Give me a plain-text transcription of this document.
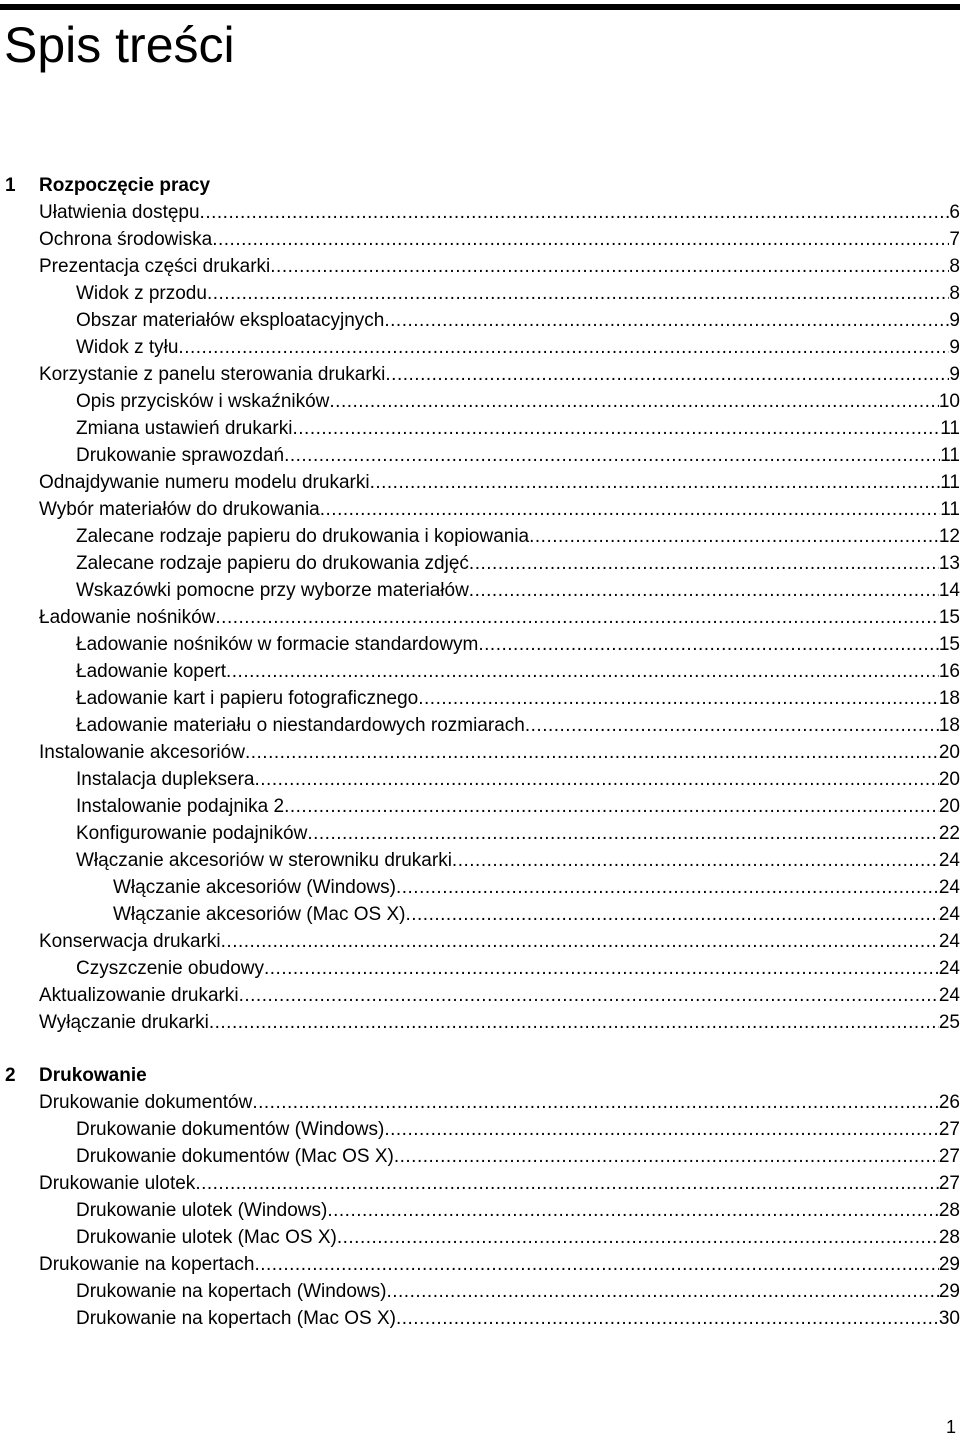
Spis treści
1 Rozpoczęcie pracy
Ułatwienia dostępu .....	6
Ochrona środowiska .....	7
Prezentacja części drukarki .....	8
Widok z przodu .....	8
Obszar materiałów eksploatacyjnych .....	9
Widok z tyłu .....	9
Korzystanie z panelu sterowania drukarki .....	9
Opis przycisków i wskaźników .....	10
Zmiana ustawień drukarki .....	11
Drukowanie sprawozdań .....	11
Odnajdywanie numeru modelu drukarki .....	11
Wybór materiałów do drukowania .....	11
Zalecane rodzaje papieru do drukowania i kopiowania .....	12
Zalecane rodzaje papieru do drukowania zdjęć .....	13
Wskazówki pomocne przy wyborze materiałów .....	14
Ładowanie nośników .....	15
Ładowanie nośników w formacie standardowym .....	15
Ładowanie kopert .....	16
Ładowanie kart i papieru fotograficznego .....	18
Ładowanie materiału o niestandardowych rozmiarach .....	18
Instalowanie akcesoriów .....	20
Instalacja dupleksera .....	20
Instalowanie podajnika 2 .....	20
Konfigurowanie podajników .....	22
Włączanie akcesoriów w sterowniku drukarki .....	24
Włączanie akcesoriów (Windows) .....	24
Włączanie akcesoriów (Mac OS X) .....	24
Konserwacja drukarki .....	24
Czyszczenie obudowy .....	24
Aktualizowanie drukarki .....	24
Wyłączanie drukarki .....	25
2 Drukowanie
Drukowanie dokumentów .....	26
Drukowanie dokumentów (Windows) .....	27
Drukowanie dokumentów (Mac OS X) .....	27
Drukowanie ulotek .....	27
Drukowanie ulotek (Windows) .....	28
Drukowanie ulotek (Mac OS X) .....	28
Drukowanie na kopertach .....	29
Drukowanie na kopertach (Windows) .....	29
Drukowanie na kopertach (Mac OS X) .....	30
1
